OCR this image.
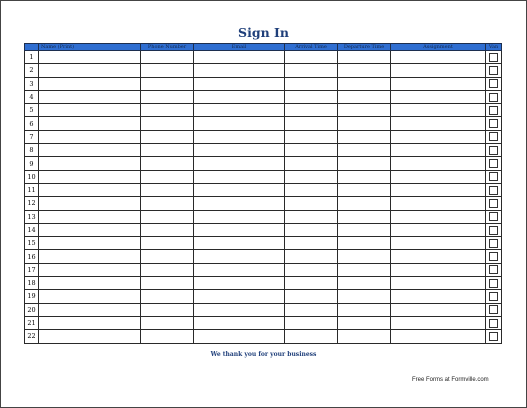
Sign In
	Name (Print)	Phone Number	Email	Arrival Time	Departure Time	Assignment	Van
1							
2							
3							
4							
5							
6							
7							
8							
9							
10							
11							
12							
13							
14							
15							
16							
17							
18							
19							
20							
21							
22							
We thank you for your business
Free Forms at Formville.com
